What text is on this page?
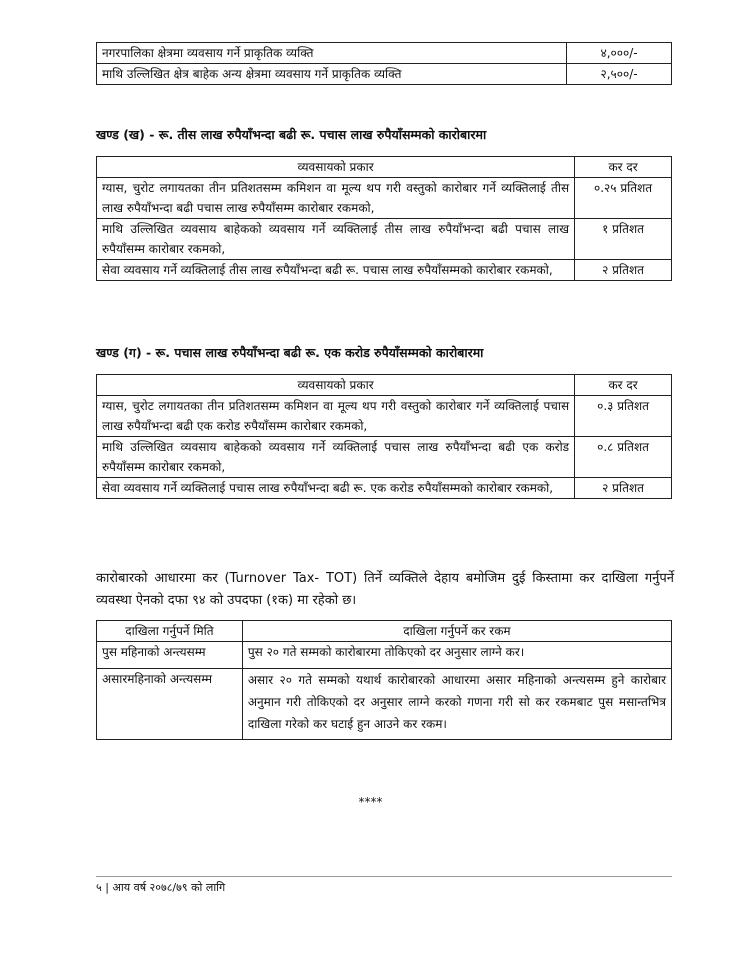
नगरपालिका क्षेत्रमा व्यवसाय गर्ने प्राकृतिक व्यक्ति	४,०००/-
माथि उल्लिखित क्षेत्र बाहेक अन्य क्षेत्रमा व्यवसाय गर्ने प्राकृतिक व्यक्ति	२,५००/-
खण्ड (ख) - रू. तीस लाख रुपैयाँभन्दा बढी रू. पचास लाख रुपैयाँसम्मको कारोबारमा
व्यवसायको प्रकार	कर दर
ग्यास, चुरोट लगायतका तीन प्रतिशतसम्म कमिशन वा मूल्य थप गरी वस्तुको कारोबार गर्ने व्यक्तिलाई तीस लाख रुपैयाँभन्दा बढी पचास लाख रुपैयाँसम्म कारोबार रकमको,	०.२५ प्रतिशत
माथि उल्लिखित व्यवसाय बाहेकको व्यवसाय गर्ने व्यक्तिलाई तीस लाख रुपैयाँभन्दा बढी पचास लाख रुपैयाँसम्म कारोबार रकमको,	१ प्रतिशत
सेवा व्यवसाय गर्ने व्यक्तिलाई तीस लाख रुपैयाँभन्दा बढी रू. पचास लाख रुपैयाँसम्मको कारोबार रकमको,	२ प्रतिशत
खण्ड (ग) - रू. पचास लाख रुपैयाँभन्दा बढी रू. एक करोड रुपैयाँसम्मको कारोबारमा
व्यवसायको प्रकार	कर दर
ग्यास, चुरोट लगायतका तीन प्रतिशतसम्म कमिशन वा मूल्य थप गरी वस्तुको कारोबार गर्ने व्यक्तिलाई पचास लाख रुपैयाँभन्दा बढी एक करोड रुपैयाँसम्म कारोबार रकमको,	०.३ प्रतिशत
माथि उल्लिखित व्यवसाय बाहेकको व्यवसाय गर्ने व्यक्तिलाई पचास लाख रुपैयाँभन्दा बढी एक करोड रुपैयाँसम्म कारोबार रकमको,	०.८ प्रतिशत
सेवा व्यवसाय गर्ने व्यक्तिलाई पचास लाख रुपैयाँभन्दा बढी रू. एक करोड रुपैयाँसम्मको कारोबार रकमको,	२ प्रतिशत
कारोबारको आधारमा कर (Turnover Tax- TOT) तिर्ने व्यक्तिले देहाय बमोजिम दुई किस्तामा कर दाखिला गर्नुपर्ने व्यवस्था ऐनको दफा ९४ को उपदफा (१क) मा रहेको छ।
दाखिला गर्नुपर्ने मिति	दाखिला गर्नुपर्ने कर रकम
पुस महिनाको अन्त्यसम्म	पुस २० गते सम्मको कारोबारमा तोकिएको दर अनुसार लाग्ने कर।
असारमहिनाको अन्त्यसम्म	असार २० गते सम्मको यथार्थ कारोबारको आधारमा असार महिनाको अन्त्यसम्म हुने कारोबार अनुमान गरी तोकिएको दर अनुसार लाग्ने करको गणना गरी सो कर रकमबाट पुस मसान्तभित्र दाखिला गरेको कर घटाई हुन आउने कर रकम।
****
५ | आय वर्ष २०७८/७९ को लागि
